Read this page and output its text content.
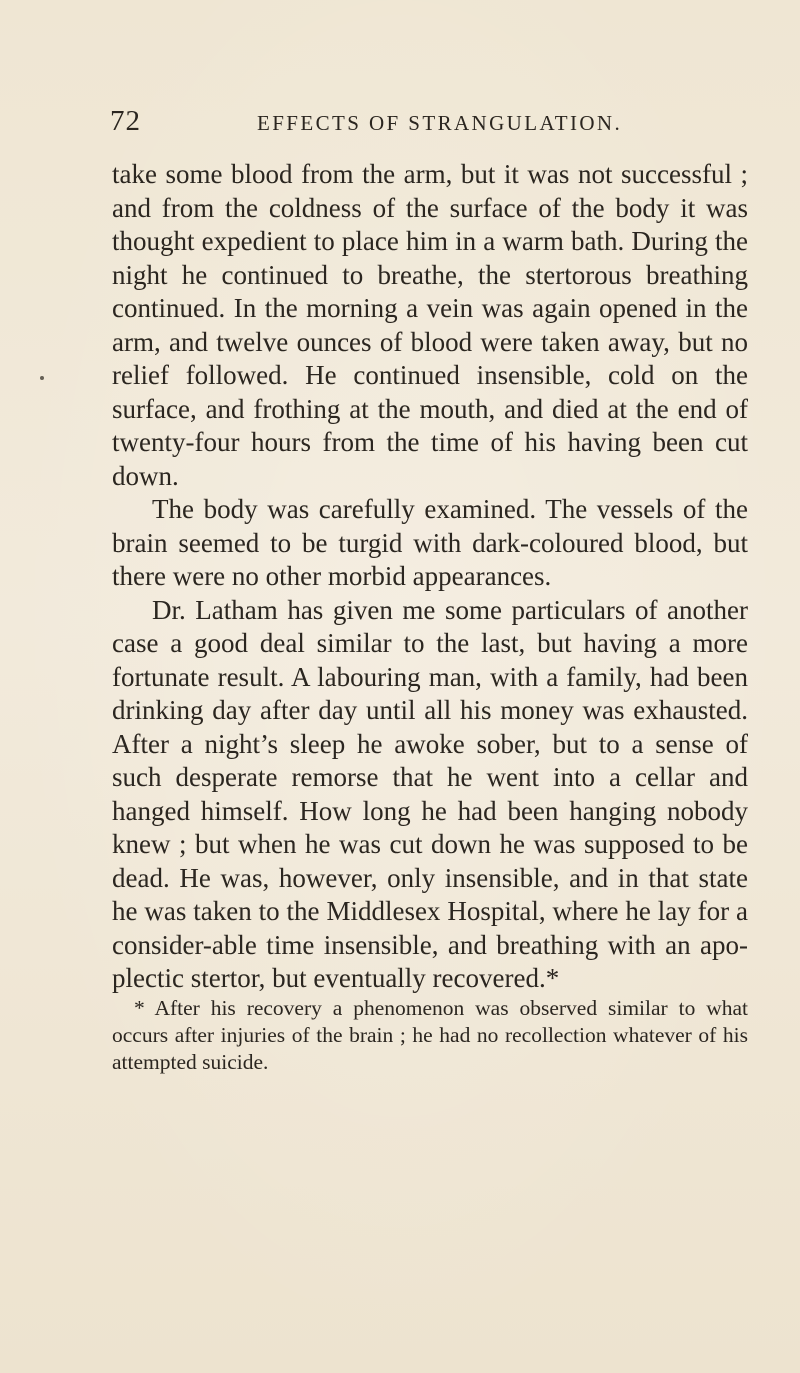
72	EFFECTS OF STRANGULATION.

take some blood from the arm, but it was not successful ; and from the coldness of the surface of the body it was thought expedient to place him in a warm bath. During the night he continued to breathe, the stertorous breathing continued. In the morning a vein was again opened in the arm, and twelve ounces of blood were taken away, but no relief followed. He continued insensible, cold on the surface, and frothing at the mouth, and died at the end of twenty-four hours from the time of his having been cut down.

The body was carefully examined. The vessels of the brain seemed to be turgid with dark-coloured blood, but there were no other morbid appearances.

Dr. Latham has given me some particulars of another case a good deal similar to the last, but having a more fortunate result. A labouring man, with a family, had been drinking day after day until all his money was exhausted. After a night’s sleep he awoke sober, but to a sense of such desperate remorse that he went into a cellar and hanged himself. How long he had been hanging nobody knew ; but when he was cut down he was supposed to be dead. He was, however, only insensible, and in that state he was taken to the Middlesex Hospital, where he lay for a consider-able time insensible, and breathing with an apo-plectic stertor, but eventually recovered.*

* After his recovery a phenomenon was observed similar to what occurs after injuries of the brain ; he had no recollection whatever of his attempted suicide.
